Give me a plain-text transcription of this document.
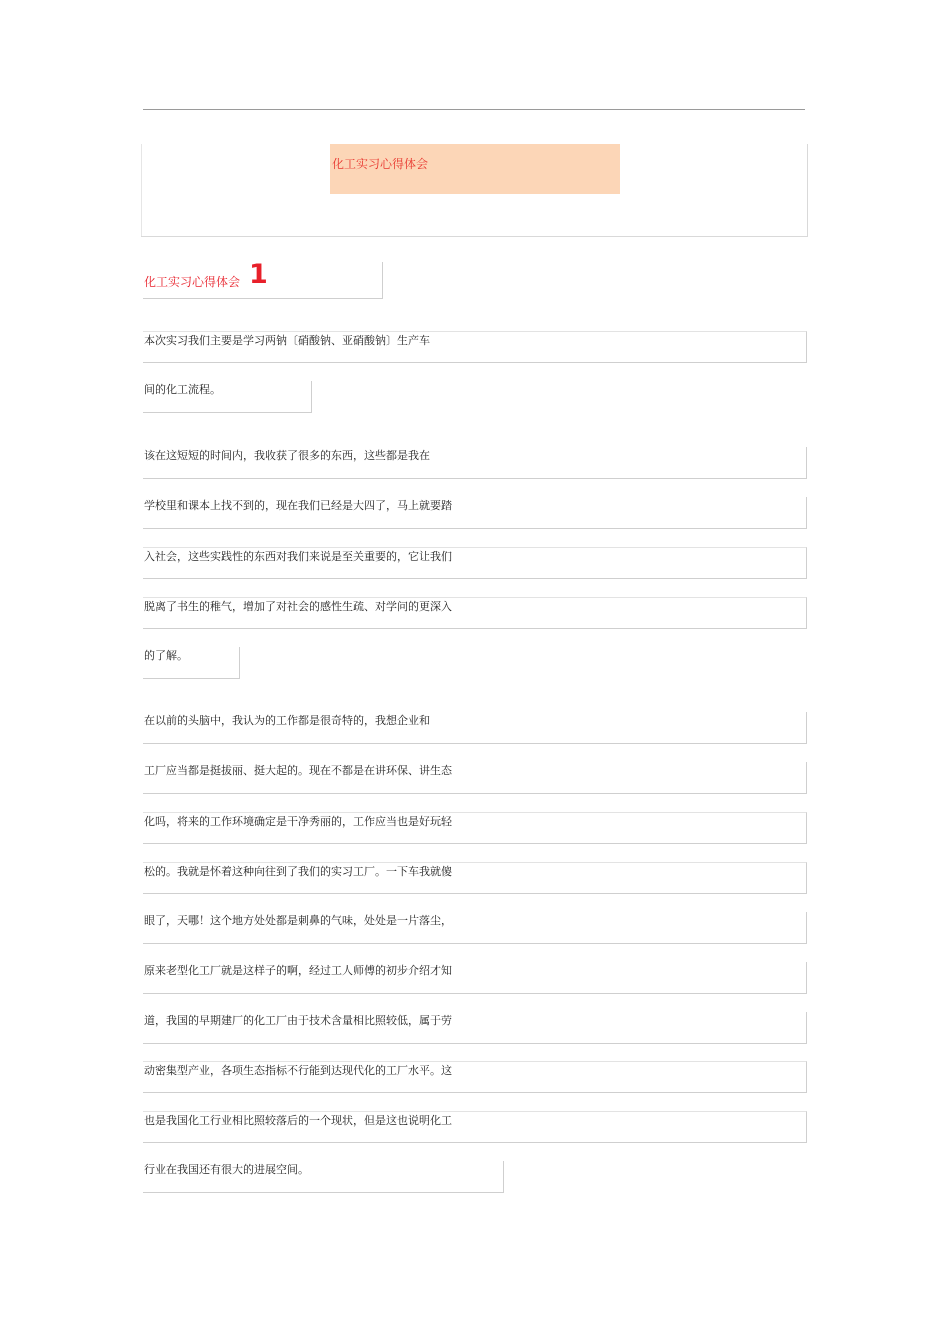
化工实习心得体会
化工实习心得体会 1
本次实习我们主要是学习两钠〔硝酸钠、亚硝酸钠〕生产车
间的化工流程。
该在这短短的时间内，我收获了很多的东西，这些都是我在
学校里和课本上找不到的，现在我们已经是大四了，马上就要踏
入社会，这些实践性的东西对我们来说是至关重要的，它让我们
脱离了书生的稚气，增加了对社会的感性生疏、对学问的更深入
的了解。
在以前的头脑中，我认为的工作都是很奇特的，我想企业和
工厂应当都是挺拔丽、挺大起的。现在不都是在讲环保、讲生态
化吗，将来的工作环境确定是干净秀丽的，工作应当也是好玩轻
松的。我就是怀着这种向往到了我们的实习工厂。一下车我就傻
眼了，天哪！这个地方处处都是刺鼻的气味，处处是一片落尘，
原来老型化工厂就是这样子的啊，经过工人师傅的初步介绍才知
道，我国的早期建厂的化工厂由于技术含量相比照较低，属于劳
动密集型产业，各项生态指标不行能到达现代化的工厂水平。这
也是我国化工行业相比照较落后的一个现状，但是这也说明化工
行业在我国还有很大的进展空间。
